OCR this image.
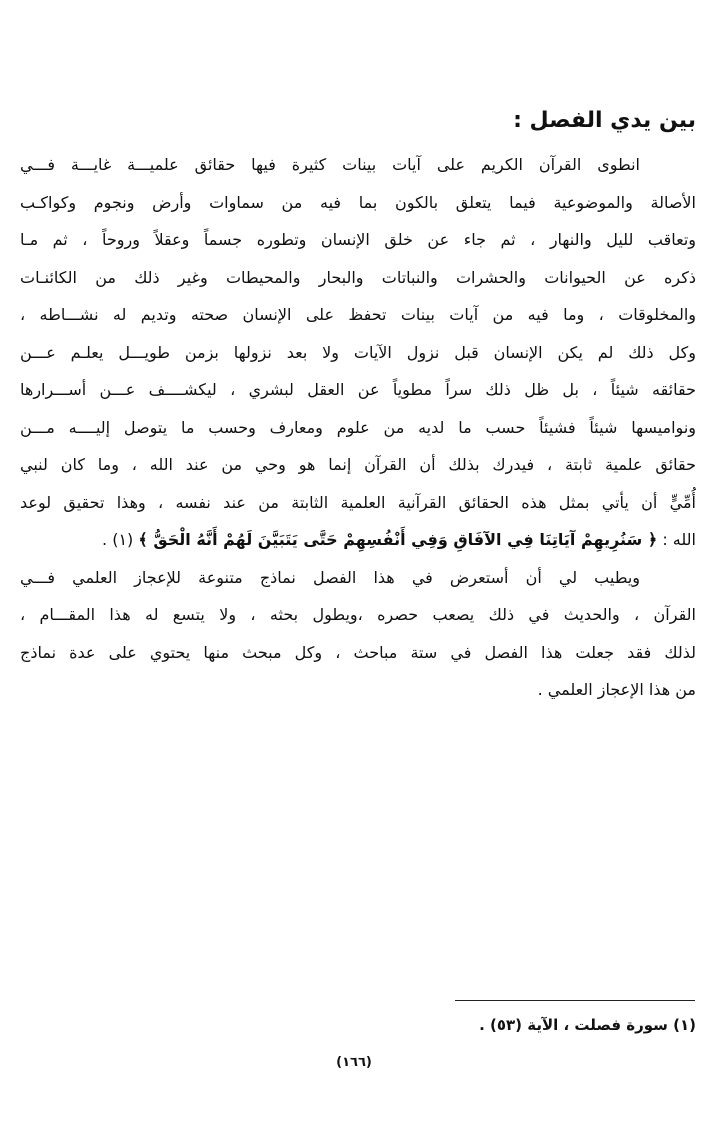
بين يدي الفصل :
انطوى القرآن الكريم على آيات بينات كثيرة فيها حقائق علميـــة غايـــة فـــي
الأصالة والموضوعية فيما يتعلق بالكون بما فيه من سماوات وأرض ونجوم وكواكـب
وتعاقب لليل والنهار ، ثم جاء عن خلق الإنسان وتطوره جسماً وعقلاً وروحاً ، ثم مـا
ذكره عن الحيوانات والحشرات والنباتات والبحار والمحيطات وغير ذلك من الكائنـات
والمخلوقات ، وما فيه من آيات بينات تحفظ على الإنسان صحته وتديم له نشـــاطه ،
وكل ذلك لم يكن الإنسان قبل نزول الآيات ولا بعد نزولها بزمن طويـــل يعلـم عـــن
حقائقه شيئاً ، بل ظل ذلك سراً مطوياً عن العقل لبشري ، ليكشــــف عـــن أســـرارها
ونواميسها شيئاً فشيئاً حسب ما لديه من علوم ومعارف وحسب ما يتوصل إليــــه مـــن
حقائق علمية ثابتة ، فيدرك بذلك أن القرآن إنما هو وحي من عند الله ، وما كان لنبي
أُمِّيٍّ أن يأتي بمثل هذه الحقائق القرآنية العلمية الثابتة من عند نفسه ، وهذا تحقيق لوعد
الله : ﴿ سَنُرِيهِمْ آيَاتِنَا فِي الآفَاقِ وَفِي أَنْفُسِهِمْ حَتَّى يَتَبَيَّنَ لَهُمْ أَنَّهُ الْحَقُّ ﴾ (١) .
ويطيب لي أن أستعرض في هذا الفصل نماذج متنوعة للإعجاز العلمي فـــي
القرآن ، والحديث في ذلك يصعب حصره ،ويطول بحثه ، ولا يتسع له هذا المقـــام ،
لذلك فقد جعلت هذا الفصل في ستة مباحث ، وكل مبحث منها يحتوي على عدة نماذج
من هذا الإعجاز العلمي .
(١) سورة فصلت ، الآية (٥٣) .
(١٦٦)
